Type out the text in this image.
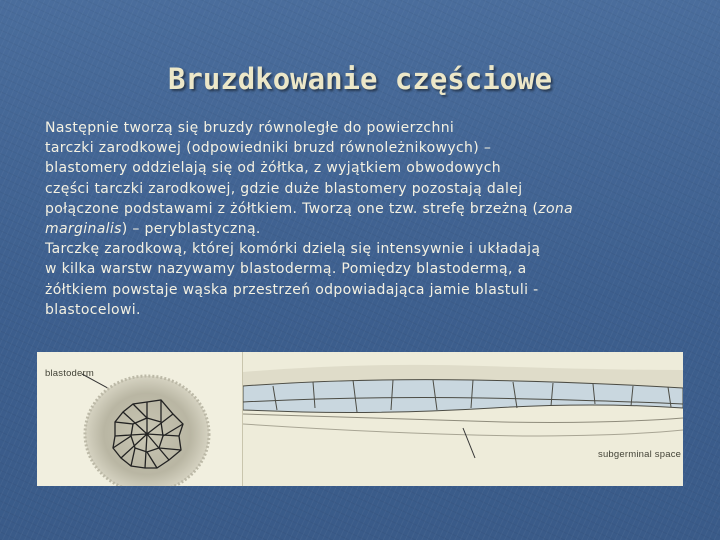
Bruzdkowanie częściowe
Następnie tworzą się bruzdy równoległe do powierzchni
tarczki zarodkowej (odpowiedniki bruzd równoleżnikowych) –
blastomery oddzielają się od żółtka, z wyjątkiem obwodowych
części tarczki zarodkowej, gdzie duże blastomery pozostają dalej
połączone podstawami z żółtkiem. Tworzą one tzw. strefę brzeżną (zona
marginalis) – peryblastyczną.
Tarczkę zarodkową, której komórki dzielą się intensywnie i układają
w kilka warstw nazywamy blastodermą. Pomiędzy blastodermą, a
żółtkiem powstaje wąska przestrzeń odpowiadająca jamie blastuli -
blastocelowi.
blastoderm
subgerminal space
